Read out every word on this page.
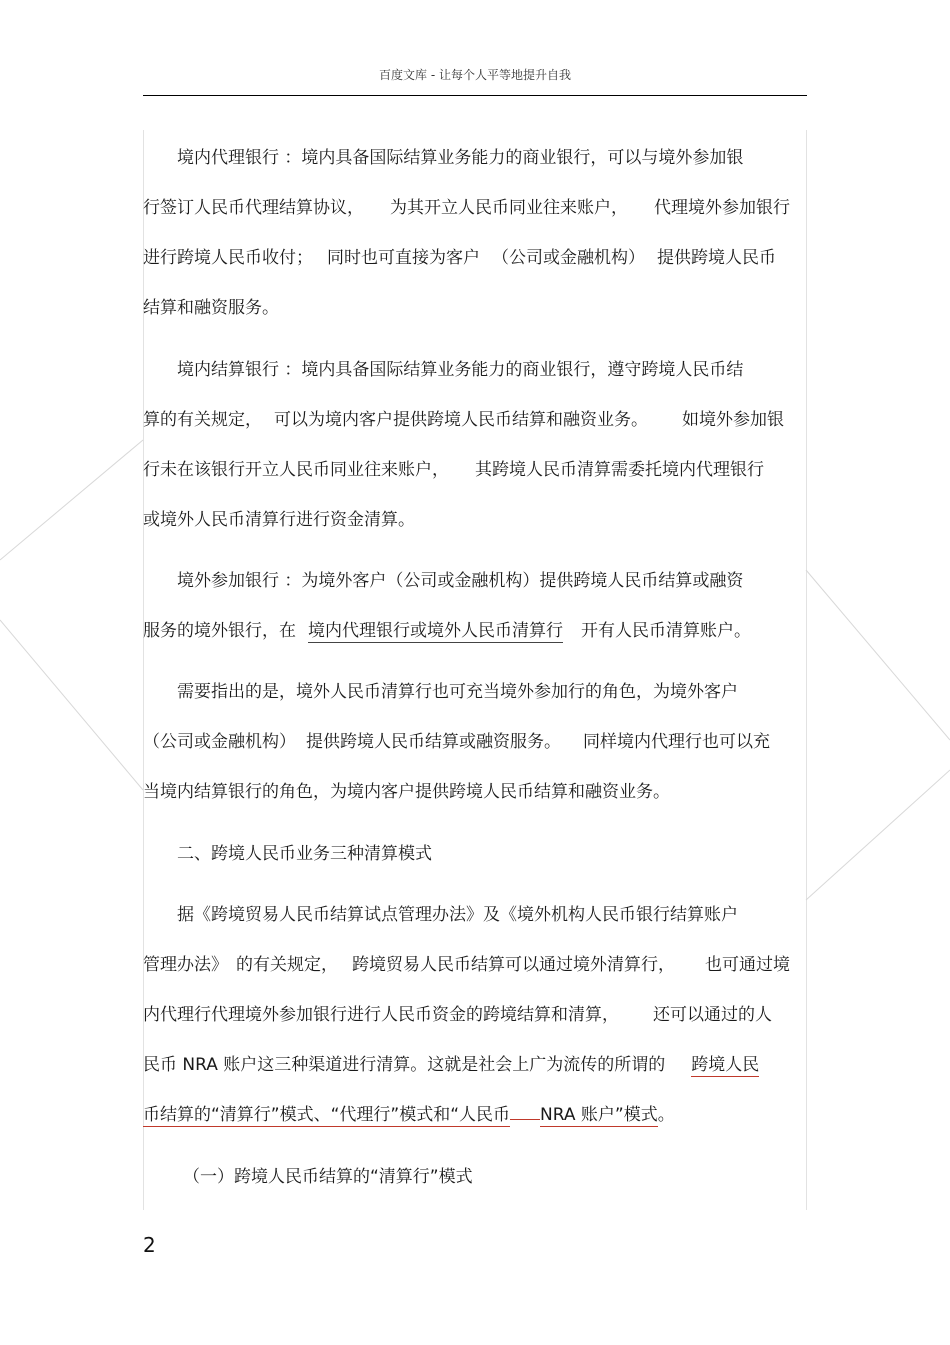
百度文库 - 让每个人平等地提升自我
境内代理银行 ：境内具备国际结算业务能力的商业银行，可以与境外参加银
行签订人民币代理结算协议， 为其开立人民币同业往来账户， 代理境外参加银行
进行跨境人民币收付； 同时也可直接为客户 （公司或金融机构） 提供跨境人民币
结算和融资服务。
境内结算银行 ：境内具备国际结算业务能力的商业银行，遵守跨境人民币结
算的有关规定， 可以为境内客户提供跨境人民币结算和融资业务。 如境外参加银
行未在该银行开立人民币同业往来账户， 其跨境人民币清算需委托境内代理银行
或境外人民币清算行进行资金清算。
境外参加银行 ：为境外客户（公司或金融机构）提供跨境人民币结算或融资
服务的境外银行，在 境内代理银行或境外人民币清算行 开有人民币清算账户。
需要指出的是，境外人民币清算行也可充当境外参加行的角色，为境外客户
（公司或金融机构） 提供跨境人民币结算或融资服务。 同样境内代理行也可以充
当境内结算银行的角色，为境内客户提供跨境人民币结算和融资业务。
二、跨境人民币业务三种清算模式
据《跨境贸易人民币结算试点管理办法》及《境外机构人民币银行结算账户
管理办法》 的有关规定， 跨境贸易人民币结算可以通过境外清算行， 也可通过境
内代理行代理境外参加银行进行人民币资金的跨境结算和清算， 还可以通过的人
民币 NRA 账户这三种渠道进行清算。这就是社会上广为流传的所谓的 跨境人民
币结算的“清算行”模式、“代理行”模式和“人民币 NRA 账户”模式。
（一）跨境人民币结算的“清算行”模式
2
